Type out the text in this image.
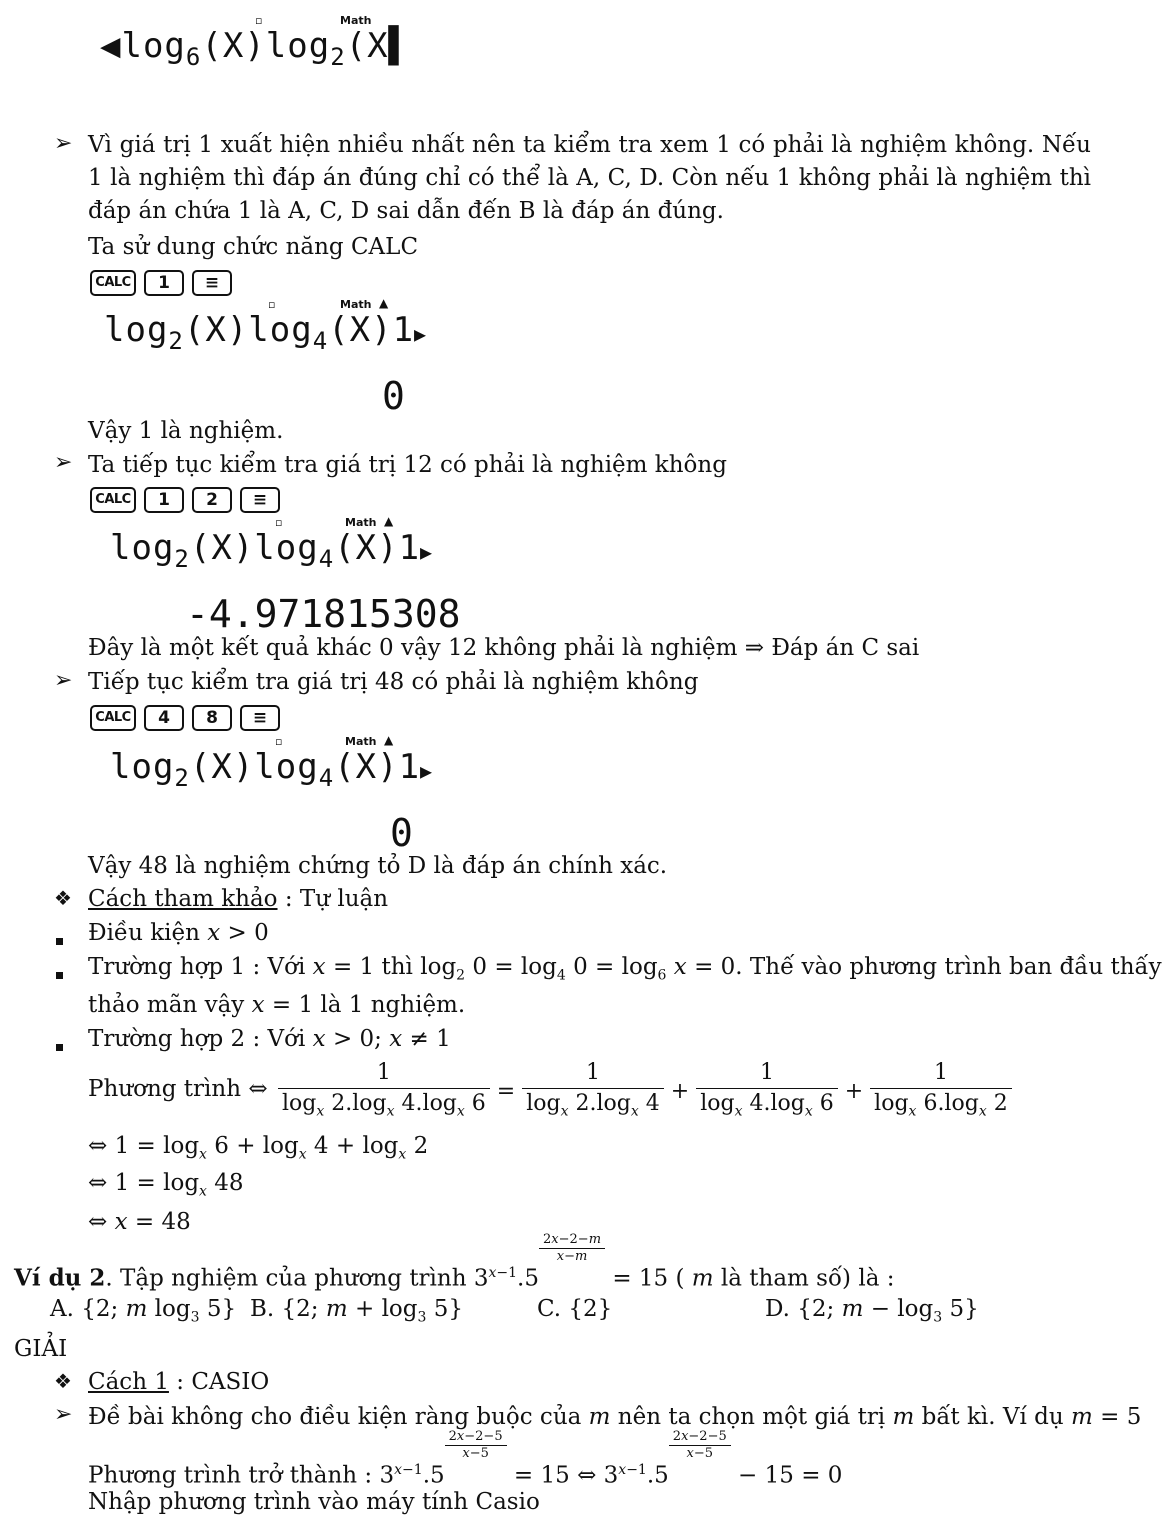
▫	Math
$◀\log_6(X)\log_2(X▌$
➢ Vì giá trị 1 xuất hiện nhiều nhất nên ta kiểm tra xem 1 có phải là nghiệm không. Nếu 1 là nghiệm thì đáp án đúng chỉ có thể là A, C, D. Còn nếu 1 không phải là nghiệm thì đáp án chứa 1 là A, C, D sai dẫn đến B là đáp án đúng.
Ta sử dung chức năng CALC
CALC 1 ≡
▫	Math ▲
$\log_2(X)\log_4(X)1▶$
0
Vậy 1 là nghiệm.
➢ Ta tiếp tục kiểm tra giá trị 12 có phải là nghiệm không
CALC 1 2 ≡
▫	Math ▲
$\log_2(X)\log_4(X)1▶$
-4.971815308
Đây là một kết quả khác 0 vậy 12 không phải là nghiệm ⇒ Đáp án C sai
➢ Tiếp tục kiểm tra giá trị 48 có phải là nghiệm không
CALC 4 8 ≡
▫	Math ▲
$\log_2(X)\log_4(X)1▶$
0
Vậy 48 là nghiệm chứng tỏ D là đáp án chính xác.
❖ Cách tham khảo : Tự luận
Điều kiện x > 0
Trường hợp 1 : Với x = 1 thì $\log_2 0 = \log_4 0 = \log_6 x = 0$. Thế vào phương trình ban đầu thấy
thảo mãn vậy x = 1 là 1 nghiệm.
Trường hợp 2 : Với x > 0; x ≠ 1
Phương trình ⇔ $\frac{1}{\log_x 2.\log_x 4.\log_x 6} = \frac{1}{\log_x 2.\log_x 4} + \frac{1}{\log_x 4.\log_x 6} + \frac{1}{\log_x 6.\log_x 2}$
⇔ $1 = \log_x 6 + \log_x 4 + \log_x 2$
⇔ $1 = \log_x 48$
⇔ x = 48
Ví dụ 2. Tập nghiệm của phương trình $3^{x-1}.5$
$^{\frac{2x-2-m}{x-m}}$
= 15 ( m là tham số) là :
A. {2; m $\log_3 5$} B. {2; $m + \log_3 5$}	C. {2}	D. {2; $m - \log_3 5$}
GIẢI
❖ Cách 1 : CASIO
➢ Đề bài không cho điều kiện ràng buộc của m nên ta chọn một giá trị m bất kì. Ví dụ m = 5
Phương trình trở thành : $3^{x-1}.5$
$^{\frac{2x-2-5}{x-5}}$
= 15 ⇔ $3^{x-1}.5$
$^{\frac{2x-2-5}{x-5}}$
− 15 = 0
Nhập phương trình vào máy tính Casio
